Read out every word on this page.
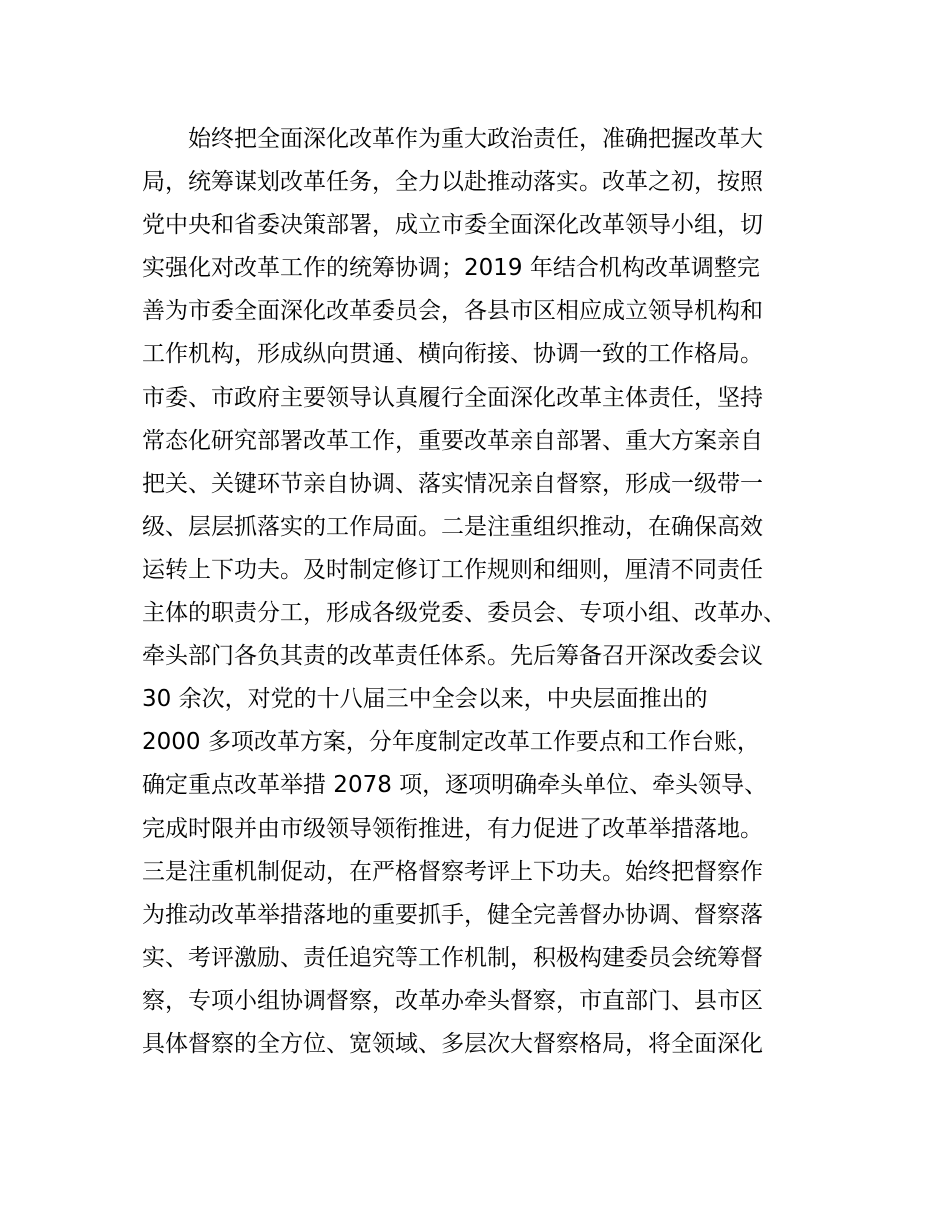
始终把全面深化改革作为重大政治责任，准确把握改革大
局，统筹谋划改革任务，全力以赴推动落实。改革之初，按照
党中央和省委决策部署，成立市委全面深化改革领导小组，切
实强化对改革工作的统筹协调；2019 年结合机构改革调整完
善为市委全面深化改革委员会，各县市区相应成立领导机构和
工作机构，形成纵向贯通、横向衔接、协调一致的工作格局。
市委、市政府主要领导认真履行全面深化改革主体责任，坚持
常态化研究部署改革工作，重要改革亲自部署、重大方案亲自
把关、关键环节亲自协调、落实情况亲自督察，形成一级带一
级、层层抓落实的工作局面。二是注重组织推动，在确保高效
运转上下功夫。及时制定修订工作规则和细则，厘清不同责任
主体的职责分工，形成各级党委、委员会、专项小组、改革办、
牵头部门各负其责的改革责任体系。先后筹备召开深改委会议
30 余次，对党的十八届三中全会以来，中央层面推出的
2000 多项改革方案，分年度制定改革工作要点和工作台账，
确定重点改革举措 2078 项，逐项明确牵头单位、牵头领导、
完成时限并由市级领导领衔推进，有力促进了改革举措落地。
三是注重机制促动，在严格督察考评上下功夫。始终把督察作
为推动改革举措落地的重要抓手，健全完善督办协调、督察落
实、考评激励、责任追究等工作机制，积极构建委员会统筹督
察，专项小组协调督察，改革办牵头督察，市直部门、县市区
具体督察的全方位、宽领域、多层次大督察格局，将全面深化
